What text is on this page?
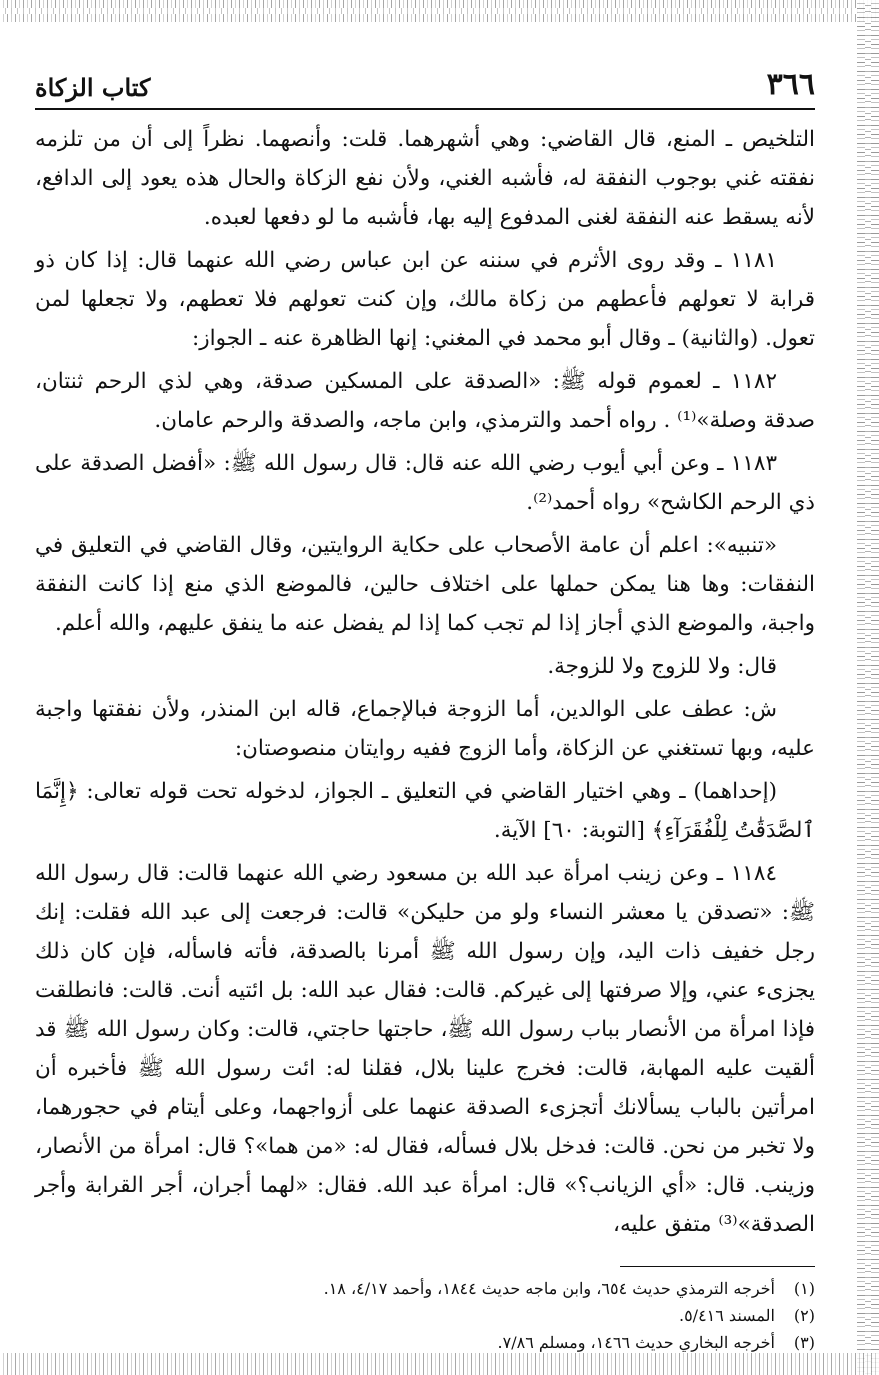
٣٦٦
كتاب الزكاة

التلخيص ـ المنع، قال القاضي: وهي أشهرهما. قلت: وأنصهما. نظراً إلى أن من تلزمه نفقته غني بوجوب النفقة له، فأشبه الغني، ولأن نفع الزكاة والحال هذه يعود إلى الدافع، لأنه يسقط عنه النفقة لغنى المدفوع إليه بها، فأشبه ما لو دفعها لعبده.

١١٨١ ـ وقد روى الأثرم في سننه عن ابن عباس رضي الله عنهما قال: إذا كان ذو قرابة لا تعولهم فأعطهم من زكاة مالك، وإن كنت تعولهم فلا تعطهم، ولا تجعلها لمن تعول. (والثانية) ـ وقال أبو محمد في المغني: إنها الظاهرة عنه ـ الجواز:

١١٨٢ ـ لعموم قوله ﷺ: «الصدقة على المسكين صدقة، وهي لذي الرحم ثنتان، صدقة وصلة»⁽¹⁾ . رواه أحمد والترمذي، وابن ماجه، والصدقة والرحم عامان.

١١٨٣ ـ وعن أبي أيوب رضي الله عنه قال: قال رسول الله ﷺ: «أفضل الصدقة على ذي الرحم الكاشح» رواه أحمد⁽²⁾.

«تنبيه»: اعلم أن عامة الأصحاب على حكاية الروايتين، وقال القاضي في التعليق في النفقات: وها هنا يمكن حملها على اختلاف حالين، فالموضع الذي منع إذا كانت النفقة واجبة، والموضع الذي أجاز إذا لم تجب كما إذا لم يفضل عنه ما ينفق عليهم، والله أعلم.

قال: ولا للزوج ولا للزوجة.

ش: عطف على الوالدين، أما الزوجة فبالإجماع، قاله ابن المنذر، ولأن نفقتها واجبة عليه، وبها تستغني عن الزكاة، وأما الزوج ففيه روايتان منصوصتان:

(إحداهما) ـ وهي اختيار القاضي في التعليق ـ الجواز، لدخوله تحت قوله تعالى: ﴿إِنَّمَا ٱلصَّدَقَٰتُ لِلْفُقَرَآءِ﴾ [التوبة: ٦٠] الآية.

١١٨٤ ـ وعن زينب امرأة عبد الله بن مسعود رضي الله عنهما قالت: قال رسول الله ﷺ: «تصدقن يا معشر النساء ولو من حليكن» قالت: فرجعت إلى عبد الله فقلت: إنك رجل خفيف ذات اليد، وإن رسول الله ﷺ أمرنا بالصدقة، فأته فاسأله، فإن كان ذلك يجزىء عني، وإلا صرفتها إلى غيركم. قالت: فقال عبد الله: بل ائتيه أنت. قالت: فانطلقت فإذا امرأة من الأنصار بباب رسول الله ﷺ، حاجتها حاجتي، قالت: وكان رسول الله ﷺ قد ألقيت عليه المهابة، قالت: فخرج علينا بلال، فقلنا له: ائت رسول الله ﷺ فأخبره أن امرأتين بالباب يسألانك أتجزىء الصدقة عنهما على أزواجهما، وعلى أيتام في حجورهما، ولا تخبر من نحن. قالت: فدخل بلال فسأله، فقال له: «من هما»؟ قال: امرأة من الأنصار، وزينب. قال: «أي الزيانب؟» قال: امرأة عبد الله. فقال: «لهما أجران، أجر القرابة وأجر الصدقة»⁽³⁾ متفق عليه،

(١)
أخرجه الترمذي حديث ٦٥٤، وابن ماجه حديث ١٨٤٤، وأحمد ٤/١٧، ١٨.
(٢)
المسند ٥/٤١٦.
(٣)
أخرجه البخاري حديث ١٤٦٦، ومسلم ٧/٨٦.
